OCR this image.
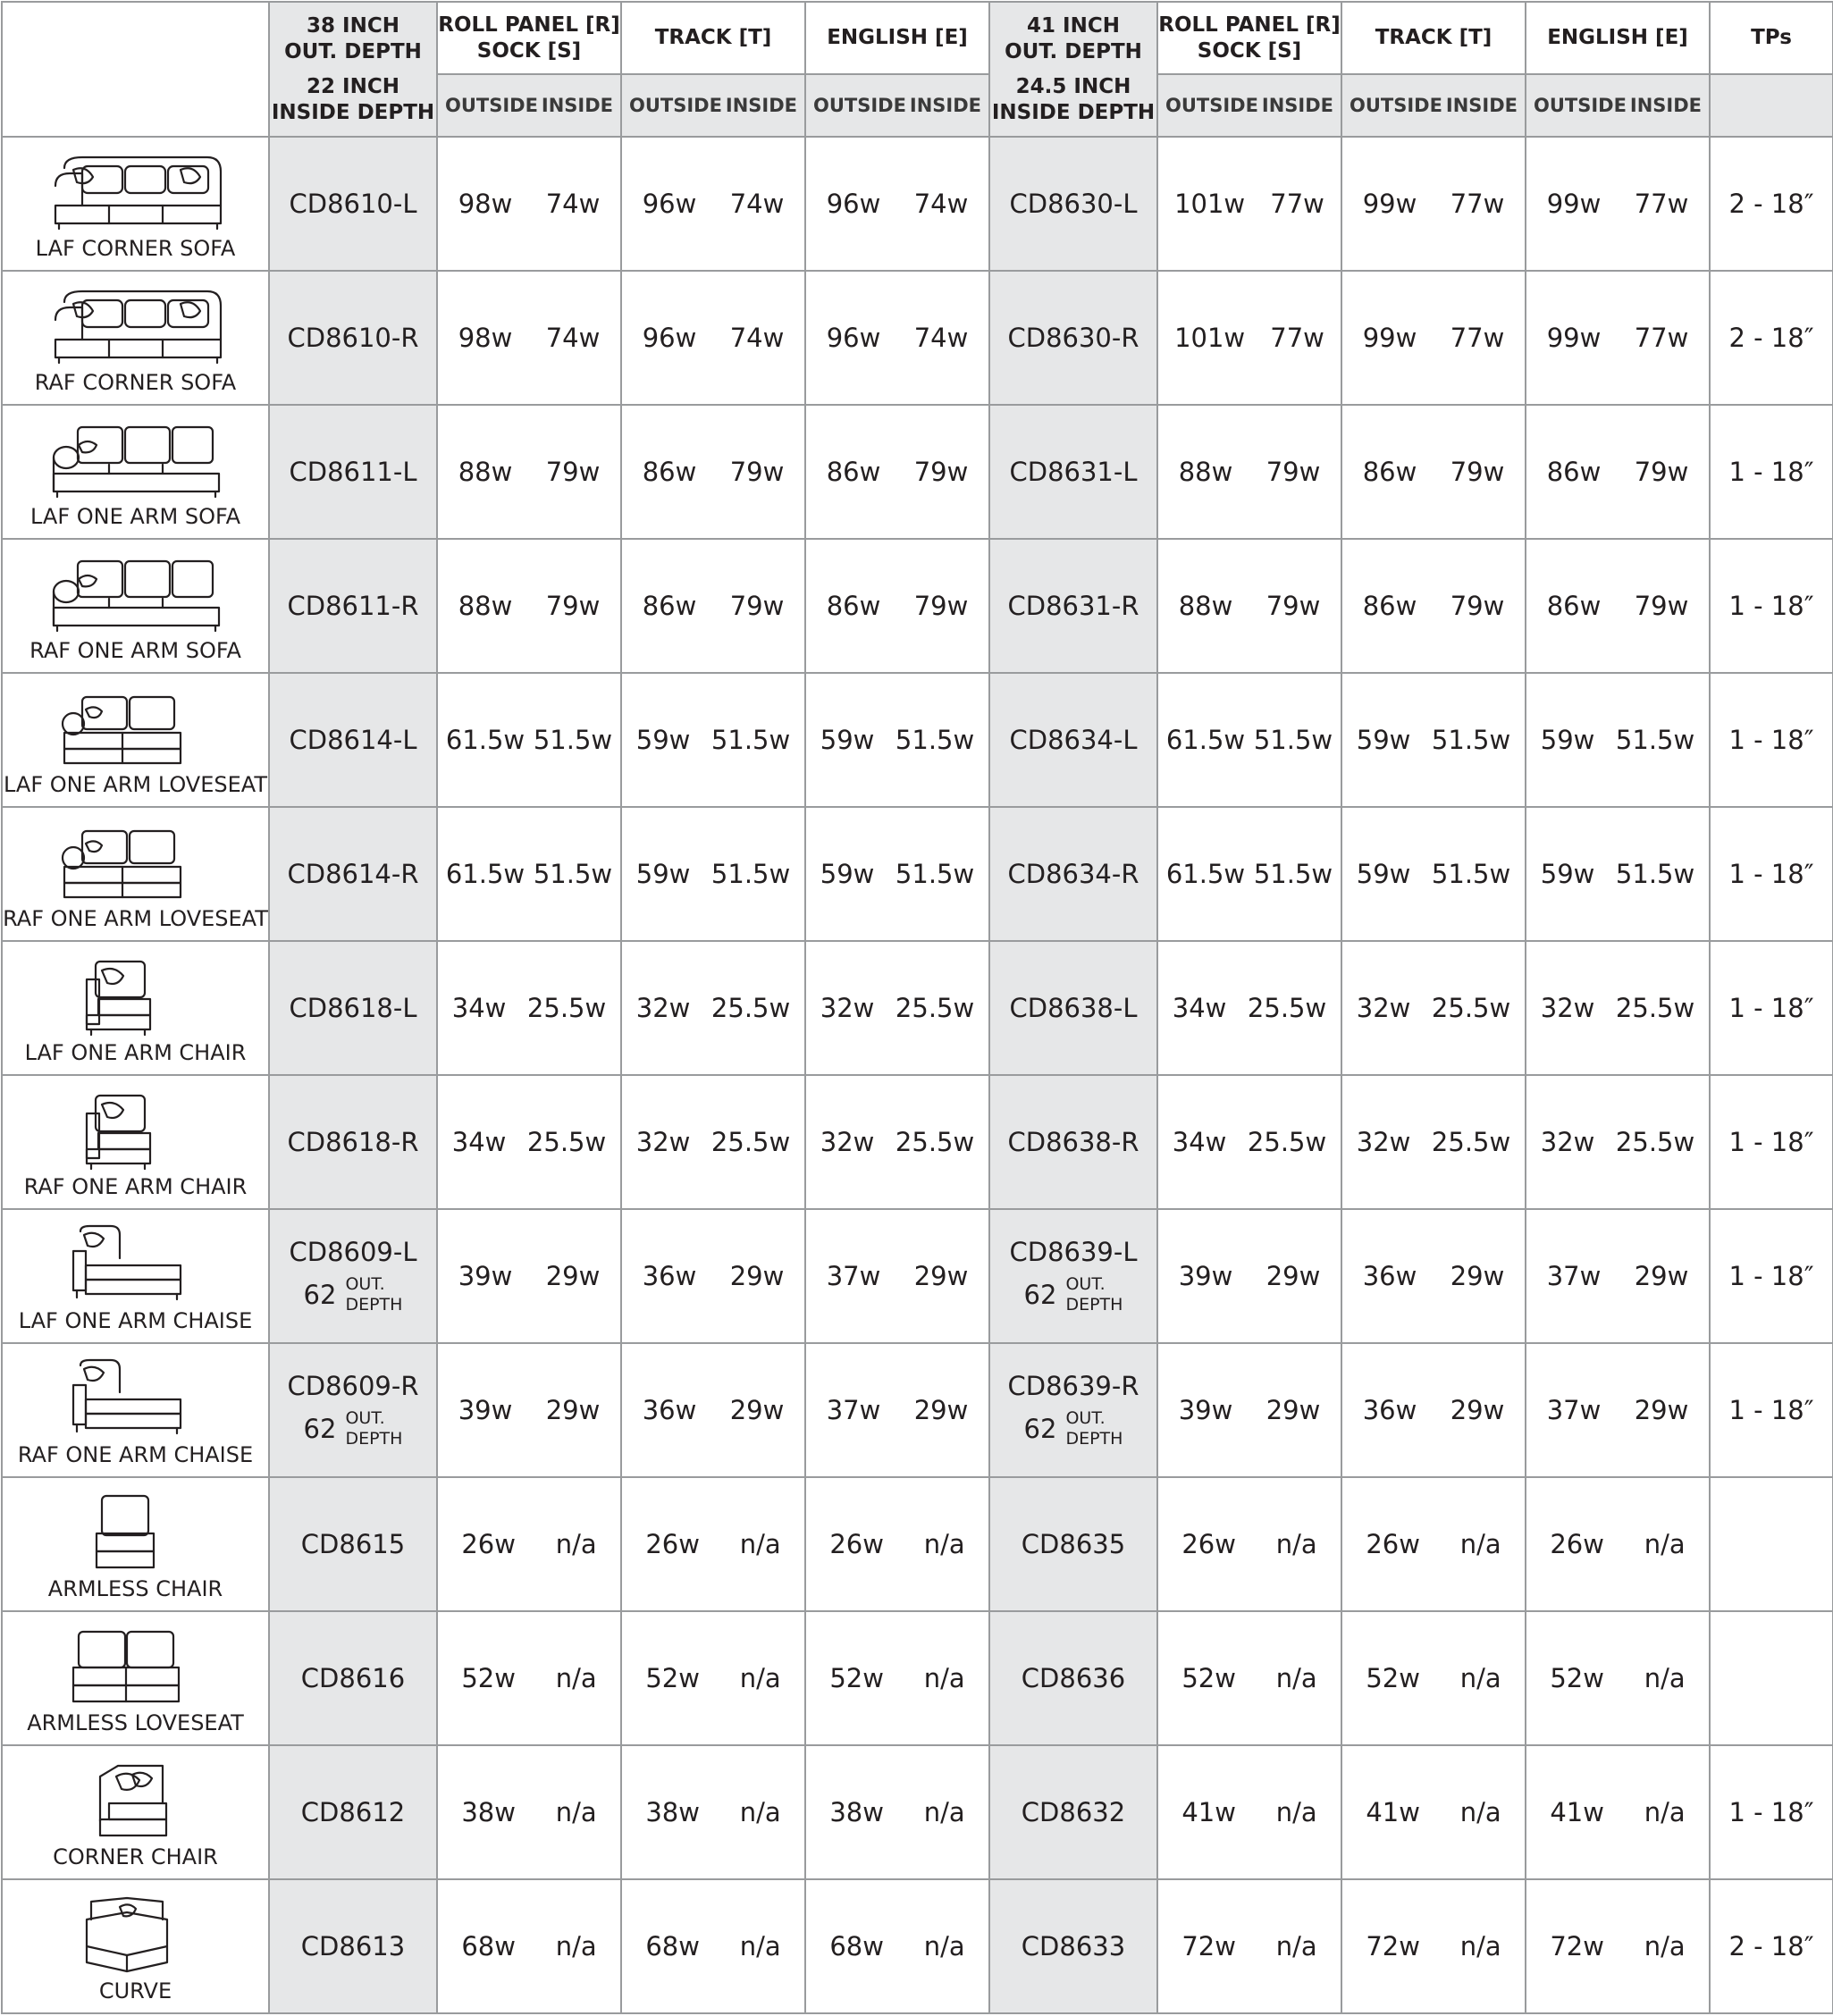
	38 INCH
OUT. DEPTH
22 INCH
INSIDE DEPTH	ROLL PANEL [R]
SOCK [S]	TRACK [T]	ENGLISH [E]	41 INCH
OUT. DEPTH
24.5 INCH
INSIDE DEPTH	ROLL PANEL [R]
SOCK [S]	TRACK [T]	ENGLISH [E]	TPs

		OUTSIDE INSIDE	OUTSIDE INSIDE	OUTSIDE INSIDE		OUTSIDE INSIDE	OUTSIDE INSIDE	OUTSIDE INSIDE	

LAF CORNER SOFA	CD8610-L	98w 74w	96w 74w	96w 74w	CD8630-L	101w 77w	99w 77w	99w 77w	2 - 18″

RAF CORNER SOFA	CD8610-R	98w 74w	96w 74w	96w 74w	CD8630-R	101w 77w	99w 77w	99w 77w	2 - 18″

LAF ONE ARM SOFA	CD8611-L	88w 79w	86w 79w	86w 79w	CD8631-L	88w 79w	86w 79w	86w 79w	1 - 18″

RAF ONE ARM SOFA	CD8611-R	88w 79w	86w 79w	86w 79w	CD8631-R	88w 79w	86w 79w	86w 79w	1 - 18″

LAF ONE ARM LOVESEAT	CD8614-L	61.5w 51.5w	59w 51.5w	59w 51.5w	CD8634-L	61.5w 51.5w	59w 51.5w	59w 51.5w	1 - 18″

RAF ONE ARM LOVESEAT	CD8614-R	61.5w 51.5w	59w 51.5w	59w 51.5w	CD8634-R	61.5w 51.5w	59w 51.5w	59w 51.5w	1 - 18″

LAF ONE ARM CHAIR	CD8618-L	34w 25.5w	32w 25.5w	32w 25.5w	CD8638-L	34w 25.5w	32w 25.5w	32w 25.5w	1 - 18″

RAF ONE ARM CHAIR	CD8618-R	34w 25.5w	32w 25.5w	32w 25.5w	CD8638-R	34w 25.5w	32w 25.5w	32w 25.5w	1 - 18″

LAF ONE ARM CHAISE	CD8609-L
62 OUT.
DEPTH	39w 29w	36w 29w	37w 29w	CD8639-L
62 OUT.
DEPTH	39w 29w	36w 29w	37w 29w	1 - 18″

RAF ONE ARM CHAISE	CD8609-R
62 OUT.
DEPTH	39w 29w	36w 29w	37w 29w	CD8639-R
62 OUT.
DEPTH	39w 29w	36w 29w	37w 29w	1 - 18″

ARMLESS CHAIR	CD8615	26w n/a	26w n/a	26w n/a	CD8635	26w n/a	26w n/a	26w n/a	

ARMLESS LOVESEAT	CD8616	52w n/a	52w n/a	52w n/a	CD8636	52w n/a	52w n/a	52w n/a	

CORNER CHAIR	CD8612	38w n/a	38w n/a	38w n/a	CD8632	41w n/a	41w n/a	41w n/a	1 - 18″

CURVE	CD8613	68w n/a	68w n/a	68w n/a	CD8633	72w n/a	72w n/a	72w n/a	2 - 18″
